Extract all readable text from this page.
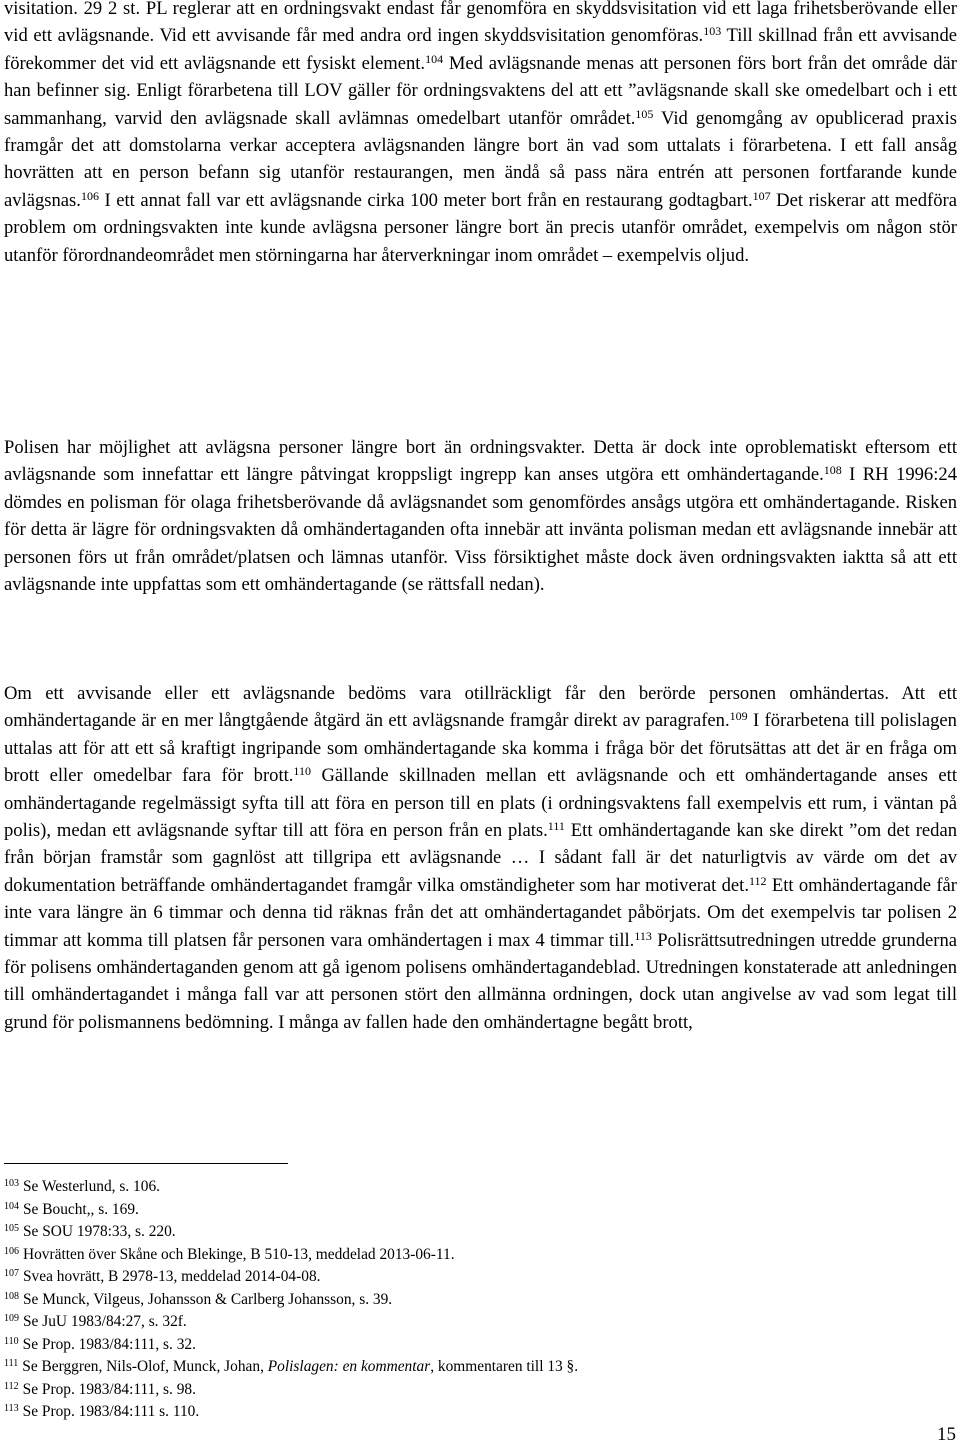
visitation. 29 2 st. PL reglerar att en ordningsvakt endast får genomföra en skyddsvisitation vid ett laga frihetsberövande eller vid ett avlägsnande. Vid ett avvisande får med andra ord ingen skyddsvisitation genomföras.$^{103}$ Till skillnad från ett avvisande förekommer det vid ett avlägsnande ett fysiskt element.$^{104}$ Med avlägsnande menas att personen förs bort från det område där han befinner sig. Enligt förarbetena till LOV gäller för ordningsvaktens del att ett ”avlägsnande skall ske omedelbart och i ett sammanhang, varvid den avlägsnade skall avlämnas omedelbart utanför området.$^{105}$ Vid genomgång av opublicerad praxis framgår det att domstolarna verkar acceptera avlägsnanden längre bort än vad som uttalats i förarbetena. I ett fall ansåg hovrätten att en person befann sig utanför restaurangen, men ändå så pass nära entrén att personen fortfarande kunde avlägsnas.$^{106}$ I ett annat fall var ett avlägsnande cirka 100 meter bort från en restaurang godtagbart.$^{107}$ Det riskerar att medföra problem om ordningsvakten inte kunde avlägsna personer längre bort än precis utanför området, exempelvis om någon stör utanför förordnandeområdet men störningarna har återverkningar inom området – exempelvis oljud.

Polisen har möjlighet att avlägsna personer längre bort än ordningsvakter. Detta är dock inte oproblematiskt eftersom ett avlägsnande som innefattar ett längre påtvingat kroppsligt ingrepp kan anses utgöra ett omhändertagande.$^{108}$ I RH 1996:24 dömdes en polisman för olaga frihetsberövande då avlägsnandet som genomfördes ansågs utgöra ett omhändertagande. Risken för detta är lägre för ordningsvakten då omhändertaganden ofta innebär att invänta polisman medan ett avlägsnande innebär att personen förs ut från området/platsen och lämnas utanför. Viss försiktighet måste dock även ordningsvakten iaktta så att ett avlägsnande inte uppfattas som ett omhändertagande (se rättsfall nedan).

Om ett avvisande eller ett avlägsnande bedöms vara otillräckligt får den berörde personen omhändertas. Att ett omhändertagande är en mer långtgående åtgärd än ett avlägsnande framgår direkt av paragrafen.$^{109}$ I förarbetena till polislagen uttalas att för att ett så kraftigt ingripande som omhändertagande ska komma i fråga bör det förutsättas att det är en fråga om brott eller omedelbar fara för brott.$^{110}$ Gällande skillnaden mellan ett avlägsnande och ett omhändertagande anses ett omhändertagande regelmässigt syfta till att föra en person till en plats (i ordningsvaktens fall exempelvis ett rum, i väntan på polis), medan ett avlägsnande syftar till att föra en person från en plats.$^{111}$ Ett omhändertagande kan ske direkt ”om det redan från början framstår som gagnlöst att tillgripa ett avlägsnande … I sådant fall är det naturligtvis av värde om det av dokumentation beträffande omhändertagandet framgår vilka omständigheter som har motiverat det.$^{112}$ Ett omhändertagande får inte vara längre än 6 timmar och denna tid räknas från det att omhändertagandet påbörjats. Om det exempelvis tar polisen 2 timmar att komma till platsen får personen vara omhändertagen i max 4 timmar till.$^{113}$ Polisrättsutredningen utredde grunderna för polisens omhändertaganden genom att gå igenom polisens omhändertagandeblad. Utredningen konstaterade att anledningen till omhändertagandet i många fall var att personen stört den allmänna ordningen, dock utan angivelse av vad som legat till grund för polismannens bedömning. I många av fallen hade den omhändertagne begått brott,

$^{103}$ Se Westerlund, s. 106.
$^{104}$ Se Boucht,, s. 169.
$^{105}$ Se SOU 1978:33, s. 220.
$^{106}$ Hovrätten över Skåne och Blekinge, B 510-13, meddelad 2013-06-11.
$^{107}$ Svea hovrätt, B 2978-13, meddelad 2014-04-08.
$^{108}$ Se Munck, Vilgeus, Johansson & Carlberg Johansson, s. 39.
$^{109}$ Se JuU 1983/84:27, s. 32f.
$^{110}$ Se Prop. 1983/84:111, s. 32.
$^{111}$ Se Berggren, Nils-Olof, Munck, Johan, Polislagen: en kommentar, kommentaren till 13 §.
$^{112}$ Se Prop. 1983/84:111, s. 98.
$^{113}$ Se Prop. 1983/84:111 s. 110.
15
